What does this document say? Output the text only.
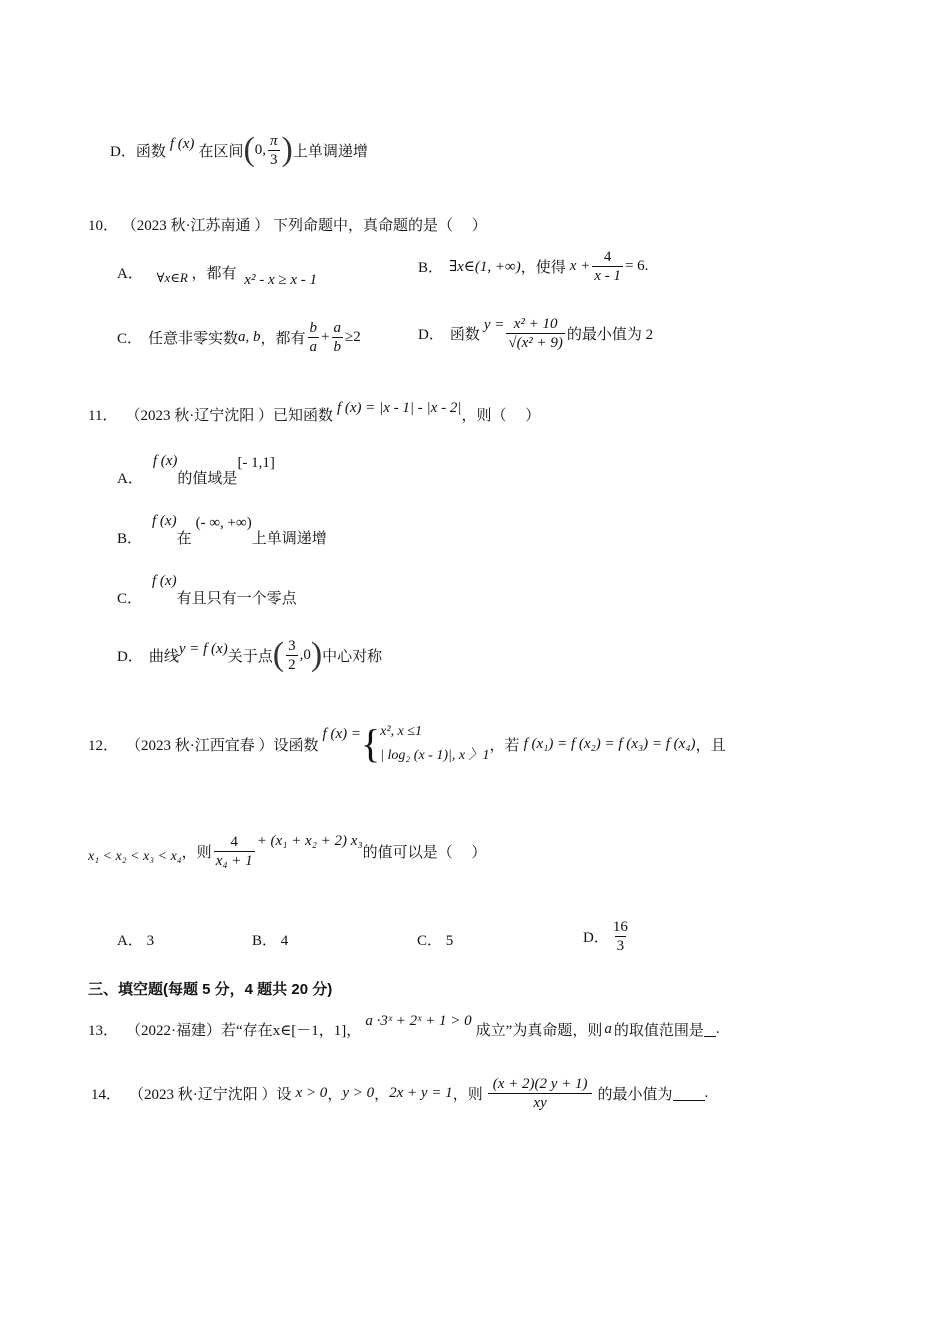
D． 函数 f (x) 在区间 ( 0, $\frac{\pi}{3}$ ) 上单调递增
10． （2023 秋·江苏南通 ） 下列命题中，真命题的是（　 ）
A． ∀x∈R ，都有 x² - x ≥ x - 1
B． ∃x∈(1, +∞) ，使得 $x + \frac{4}{x - 1} = 6$ .
C． 任意非零实数 a, b ，都有 $\frac{b}{a} + \frac{a}{b} \ge 2$	D． 函数
$y = \frac{\text{x² + 10}}{\text{√(x² + 9)}}$ 的最小值为 2
11． （2023 秋·辽宁沈阳 ） 已知函数 f (x) = |x - 1| - |x - 2| ，则（　 ）
A．
f (x)
的值域是
[- 1,1]
B．
f (x)
在
(- ∞, +∞)
上单调递增
C．
f (x)
有且只有一个零点
D． 曲线 y = f (x) 关于点 ( $\frac{3}{2} ,0$ ) 中心对称
12． （2023 秋·江西宜春 ） 设函数
f (x) = { x², x ≤1
| log₂ (x - 1)|, x 〉1
，若 f (x₁) = f (x₂) = f (x₃) = f (x₄) ，且
x₁ < x₂ < x₃ < x₄ ，则 $\frac{4}{\text{x₄ + 1}} + (x_1 + x_2 + 2)$ x₃
的值可以是（　 ）
A． 3	B． 4	C． 5	D． $\frac{16}{3}$
三、填空题(每题 5 分，4 题共 20 分)
13． （2022·福建） 若“存在 x∈[－1，1] ，
a ·3ˣ + 2ˣ + 1 > 0
成立”为真命题，则 a 的取值范围是 .
14． （2023 秋·辽宁沈阳 ） 设 x > 0 ， y > 0 ， 2x + y = 1 ，则 $\frac{(x + 2)(2 y + 1)}{xy}$ 的最小值为 .
